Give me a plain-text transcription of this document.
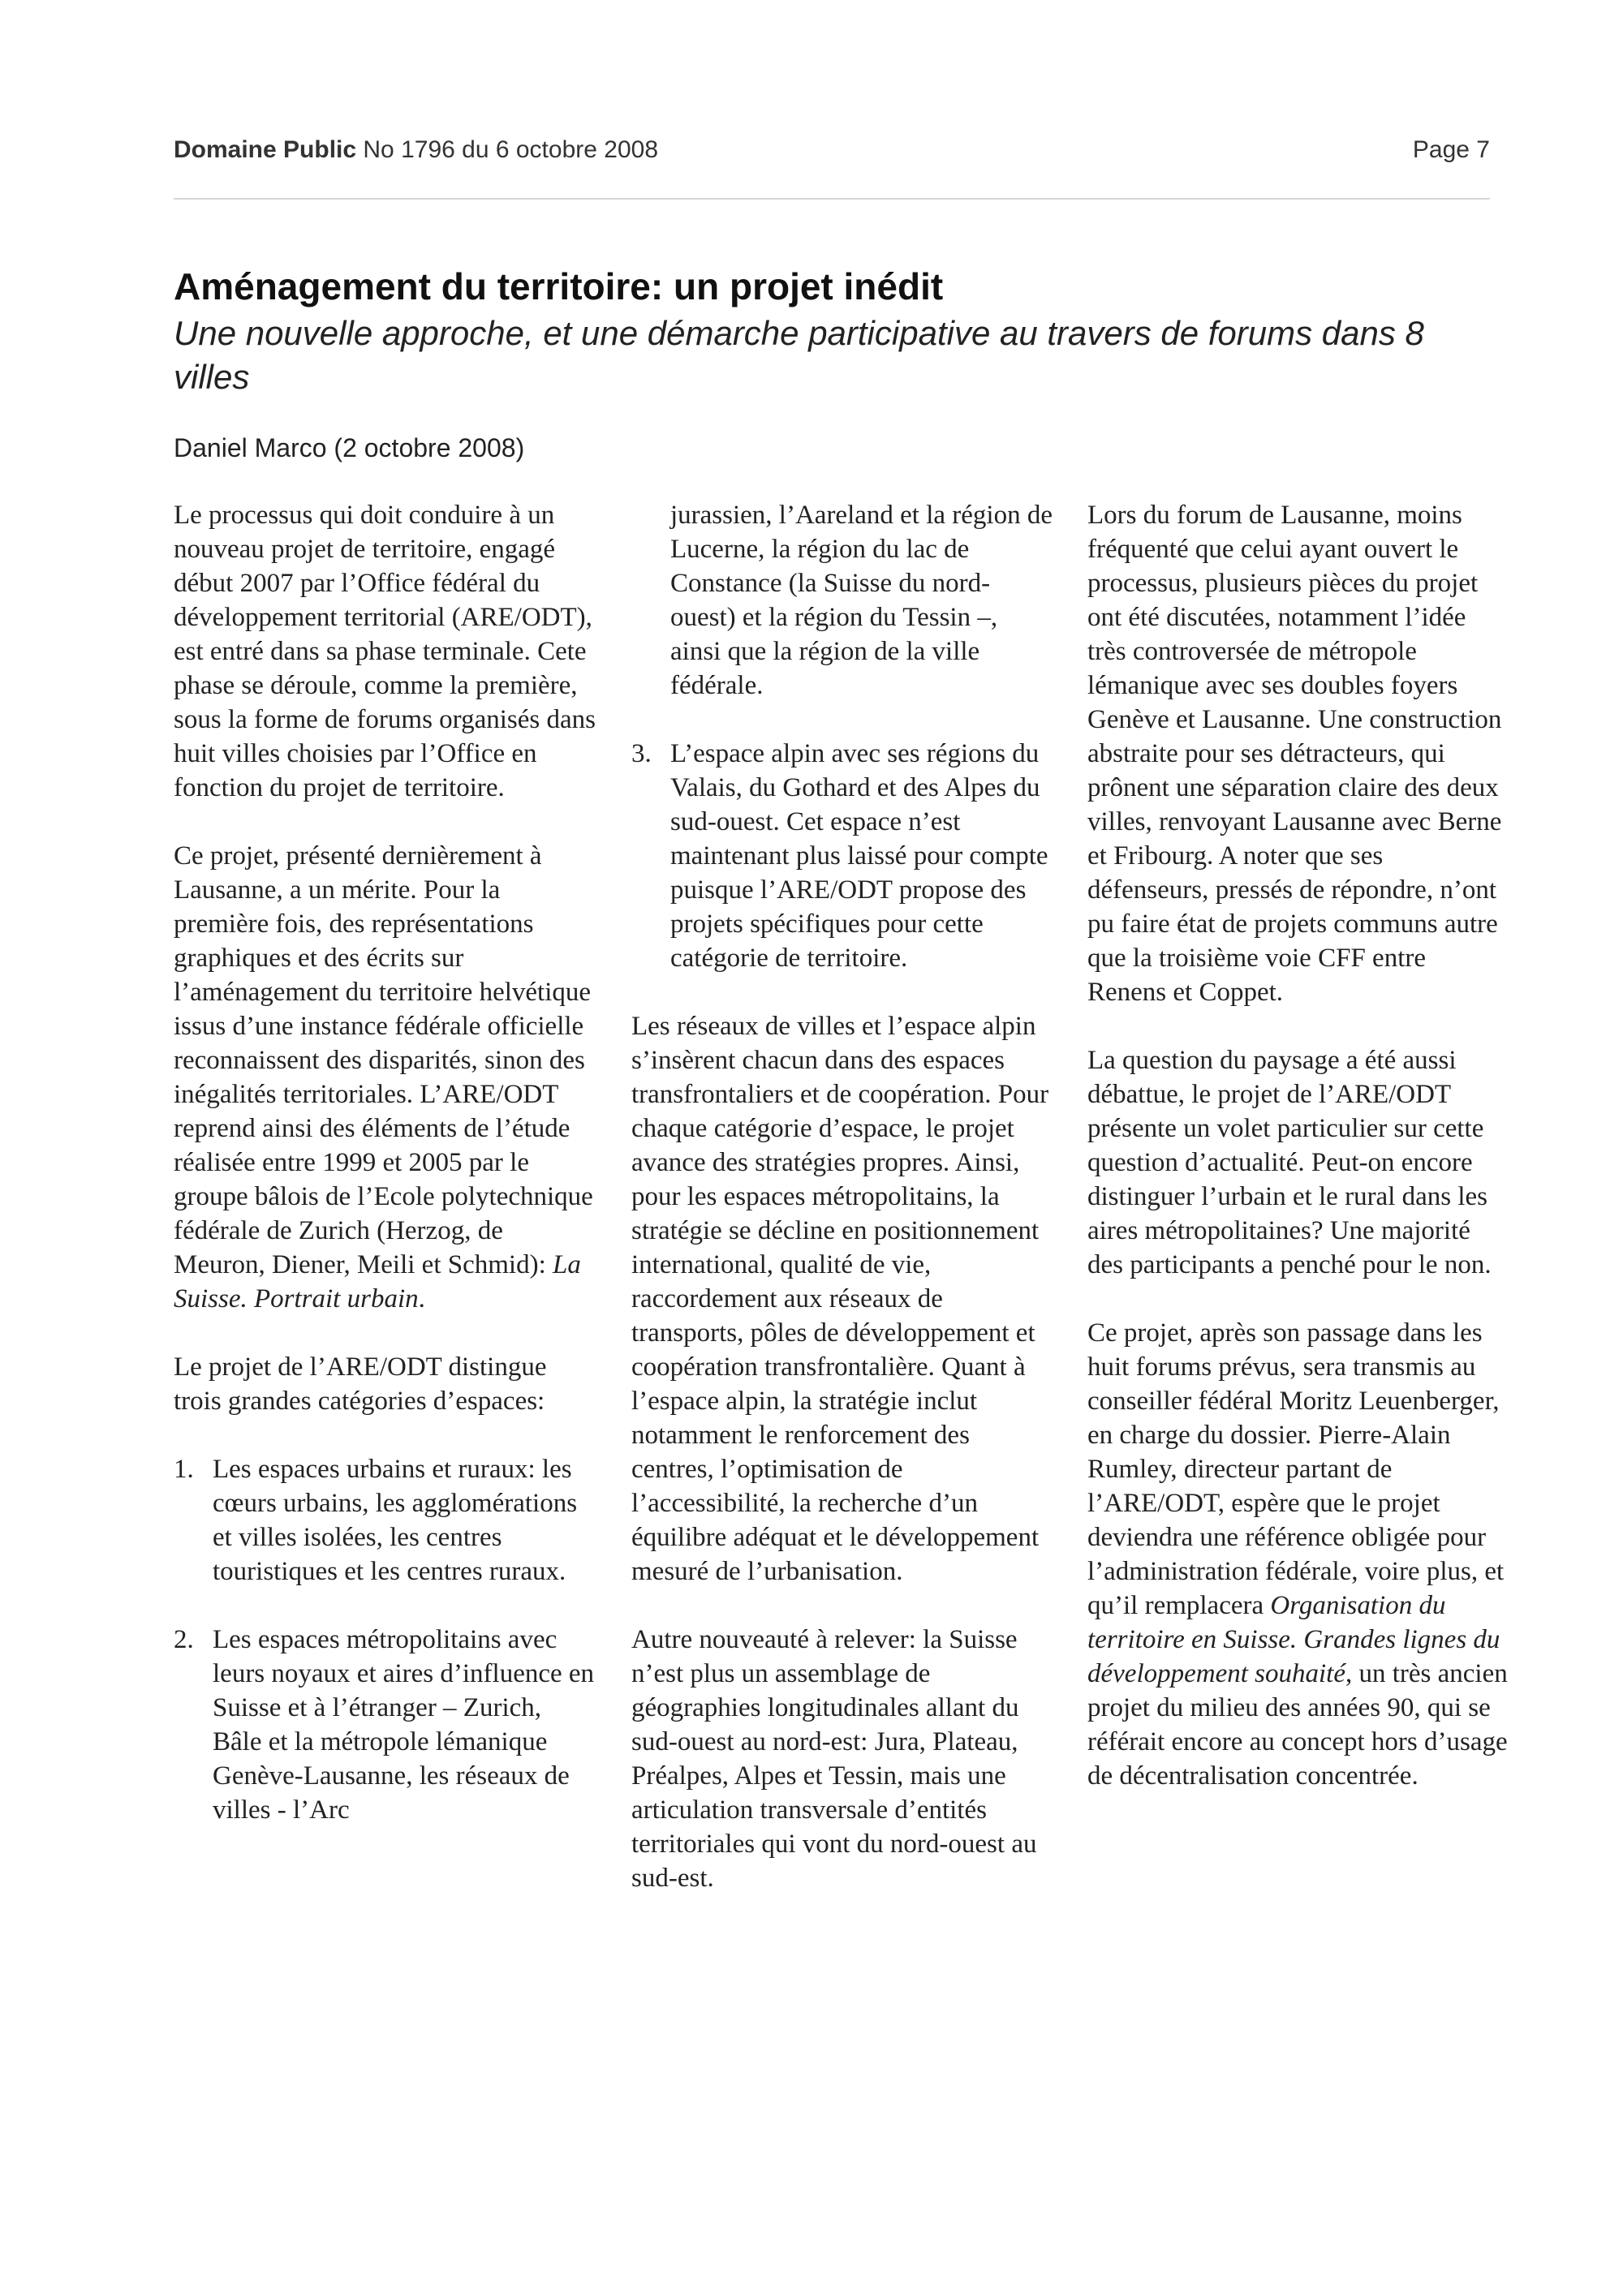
Domaine Public No 1796 du 6 octobre 2008	Page 7
Aménagement du territoire: un projet inédit

Une nouvelle approche, et une démarche participative au travers de forums dans 8 villes

Daniel Marco (2 octobre 2008)

Le processus qui doit conduire à un nouveau projet de territoire, engagé début 2007 par l’Office fédéral du développement territorial (ARE/ODT), est entré dans sa phase terminale. Cete phase se déroule, comme la première, sous la forme de forums organisés dans huit villes choisies par l’Office en fonction du projet de territoire.

Ce projet, présenté dernièrement à Lausanne, a un mérite. Pour la première fois, des représentations graphiques et des écrits sur l’aménagement du territoire helvétique issus d’une instance fédérale officielle reconnaissent des disparités, sinon des inégalités territoriales. L’ARE/ODT reprend ainsi des éléments de l’étude réalisée entre 1999 et 2005 par le groupe bâlois de l’Ecole polytechnique fédérale de Zurich (Herzog, de Meuron, Diener, Meili et Schmid): La Suisse. Portrait urbain.

Le projet de l’ARE/ODT distingue trois grandes catégories d’espaces:

1. Les espaces urbains et ruraux: les cœurs urbains, les agglomérations et villes isolées, les centres touristiques et les centres ruraux.
2. Les espaces métropolitains avec leurs noyaux et aires d’influence en Suisse et à l’étranger – Zurich, Bâle et la métropole lémanique Genève-Lausanne, les réseaux de villes - l’Arc
jurassien, l’Aareland et la région de Lucerne, la région du lac de Constance (la Suisse du nord-ouest) et la région du Tessin –, ainsi que la région de la ville fédérale.
3. L’espace alpin avec ses régions du Valais, du Gothard et des Alpes du sud-ouest. Cet espace n’est maintenant plus laissé pour compte puisque l’ARE/ODT propose des projets spécifiques pour cette catégorie de territoire.

Les réseaux de villes et l’espace alpin s’insèrent chacun dans des espaces transfrontaliers et de coopération. Pour chaque catégorie d’espace, le projet avance des stratégies propres. Ainsi, pour les espaces métropolitains, la stratégie se décline en positionnement international, qualité de vie, raccordement aux réseaux de transports, pôles de développement et coopération transfrontalière. Quant à l’espace alpin, la stratégie inclut notamment le renforcement des centres, l’optimisation de l’accessibilité, la recherche d’un équilibre adéquat et le développement mesuré de l’urbanisation.

Autre nouveauté à relever: la Suisse n’est plus un assemblage de géographies longitudinales allant du sud-ouest au nord-est: Jura, Plateau, Préalpes, Alpes et Tessin, mais une articulation transversale d’entités territoriales qui vont du nord-ouest au sud-est.

Lors du forum de Lausanne, moins fréquenté que celui ayant ouvert le processus, plusieurs pièces du projet ont été discutées, notamment l’idée très controversée de métropole lémanique avec ses doubles foyers Genève et Lausanne. Une construction abstraite pour ses détracteurs, qui prônent une séparation claire des deux villes, renvoyant Lausanne avec Berne et Fribourg. A noter que ses défenseurs, pressés de répondre, n’ont pu faire état de projets communs autre que la troisième voie CFF entre Renens et Coppet.

La question du paysage a été aussi débattue, le projet de l’ARE/ODT présente un volet particulier sur cette question d’actualité. Peut-on encore distinguer l’urbain et le rural dans les aires métropolitaines? Une majorité des participants a penché pour le non.

Ce projet, après son passage dans les huit forums prévus, sera transmis au conseiller fédéral Moritz Leuenberger, en charge du dossier. Pierre-Alain Rumley, directeur partant de l’ARE/ODT, espère que le projet deviendra une référence obligée pour l’administration fédérale, voire plus, et qu’il remplacera Organisation du territoire en Suisse. Grandes lignes du développement souhaité, un très ancien projet du milieu des années 90, qui se référait encore au concept hors d’usage de décentralisation concentrée.
